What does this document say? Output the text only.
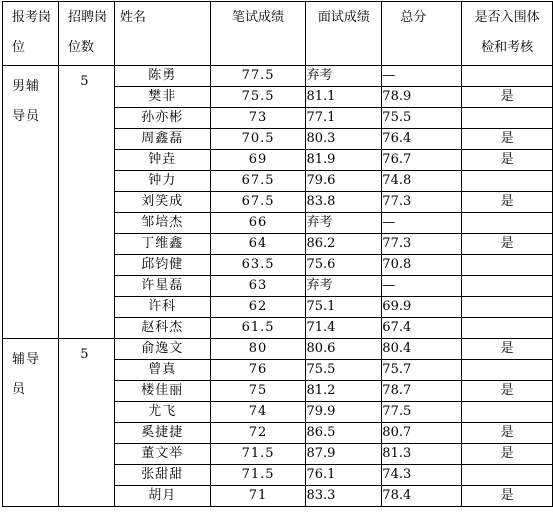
报考岗位	招聘岗位数	姓名	笔试成绩	面试成绩	总分	是否入围体检和考核

男辅导员	5	陈勇	77.5	弃考	—	
		樊非	75.5	81.1	78.9	是
		孙亦彬	73	77.1	75.5	
		周鑫磊	70.5	80.3	76.4	是
		钟垚	69	81.9	76.7	是
		钟力	67.5	79.6	74.8	
		刘笑成	67.5	83.8	77.3	是
		邹培杰	66	弃考	—	
		丁维鑫	64	86.2	77.3	是
		邱钧健	63.5	75.6	70.8	
		许星磊	63	弃考	—	
		许科	62	75.1	69.9	
		赵科杰	61.5	71.4	67.4	

辅导员	5	俞逸文	80	80.6	80.4	是
		曾真	76	75.5	75.7	
		楼佳丽	75	81.2	78.7	是
		尤飞	74	79.9	77.5	
		奚捷捷	72	86.5	80.7	是
		董文举	71.5	87.9	81.3	是
		张甜甜	71.5	76.1	74.3	
		胡月	71	83.3	78.4	是
